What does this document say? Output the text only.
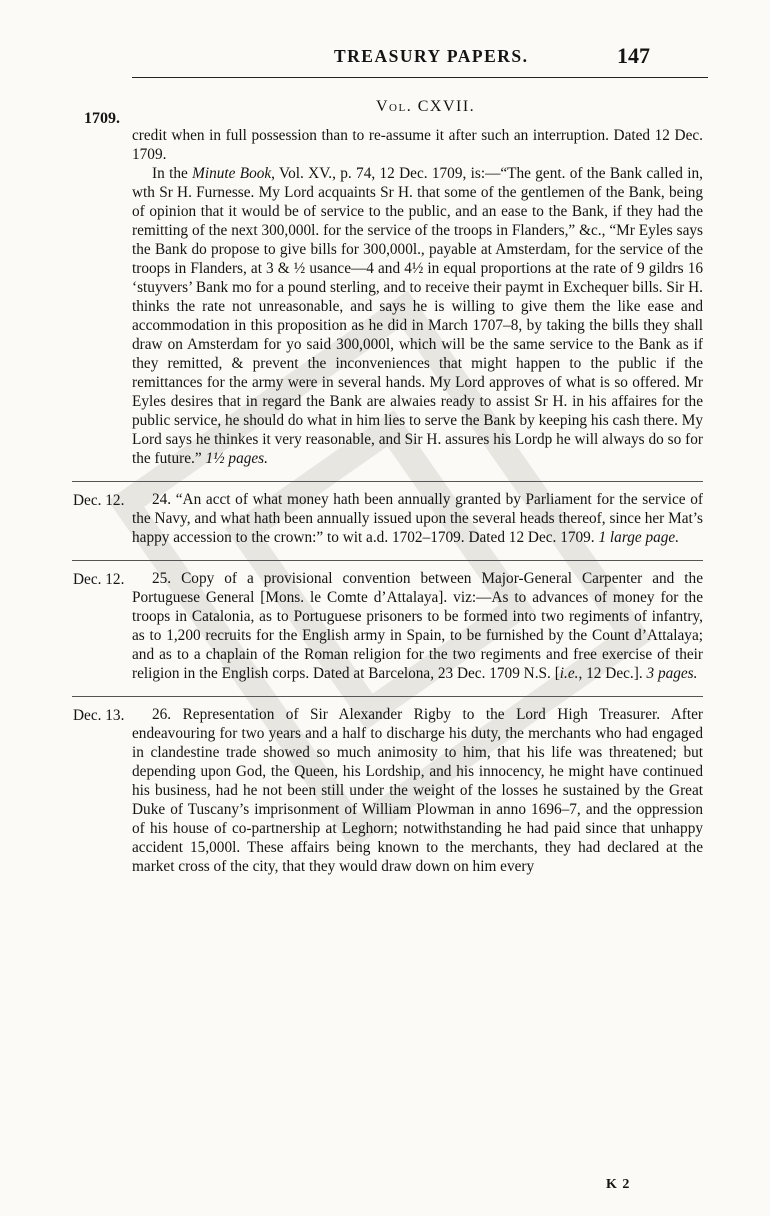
TREASURY PAPERS.	147
1709.
Vol. CXVII.

credit when in full possession than to re-assume it after such an interruption. Dated 12 Dec. 1709.

In the Minute Book, Vol. XV., p. 74, 12 Dec. 1709, is:—“The gent. of the Bank called in, wth Sr H. Furnesse. My Lord acquaints Sr H. that some of the gentlemen of the Bank, being of opinion that it would be of service to the public, and an ease to the Bank, if they had the remitting of the next 300,000l. for the service of the troops in Flanders,” &c., “Mr Eyles says the Bank do propose to give bills for 300,000l., payable at Amsterdam, for the service of the troops in Flanders, at 3 & ½ usance—4 and 4½ in equal proportions at the rate of 9 gildrs 16 ‘stuyvers’ Bank mo for a pound sterling, and to receive their paymt in Exchequer bills. Sir H. thinks the rate not unreasonable, and says he is willing to give them the like ease and accommodation in this proposition as he did in March 1707–8, by taking the bills they shall draw on Amsterdam for yo said 300,000l, which will be the same service to the Bank as if they remitted, & prevent the inconveniences that might happen to the public if the remittances for the army were in several hands. My Lord approves of what is so offered. Mr Eyles desires that in regard the Bank are alwaies ready to assist Sr H. in his affaires for the public service, he should do what in him lies to serve the Bank by keeping his cash there. My Lord says he thinkes it very reasonable, and Sir H. assures his Lordp he will always do so for the future.” 1½ pages.

Dec. 12.	24. “An acct of what money hath been annually granted by Parliament for the service of the Navy, and what hath been annually issued upon the several heads thereof, since her Mat’s happy accession to the crown:” to wit a.d. 1702–1709. Dated 12 Dec. 1709. 1 large page.

Dec. 12.	25. Copy of a provisional convention between Major-General Carpenter and the Portuguese General [Mons. le Comte d’Attalaya]. viz:—As to advances of money for the troops in Catalonia, as to Portuguese prisoners to be formed into two regiments of infantry, as to 1,200 recruits for the English army in Spain, to be furnished by the Count d’Attalaya; and as to a chaplain of the Roman religion for the two regiments and free exercise of their religion in the English corps. Dated at Barcelona, 23 Dec. 1709 N.S. [i.e., 12 Dec.]. 3 pages.

Dec. 13.	26. Representation of Sir Alexander Rigby to the Lord High Treasurer. After endeavouring for two years and a half to discharge his duty, the merchants who had engaged in clandestine trade showed so much animosity to him, that his life was threatened; but depending upon God, the Queen, his Lordship, and his innocency, he might have continued his business, had he not been still under the weight of the losses he sustained by the Great Duke of Tuscany’s imprisonment of William Plowman in anno 1696–7, and the oppression of his house of co-partnership at Leghorn; notwithstanding he had paid since that unhappy accident 15,000l. These affairs being known to the merchants, they had declared at the market cross of the city, that they would draw down on him every

K 2
